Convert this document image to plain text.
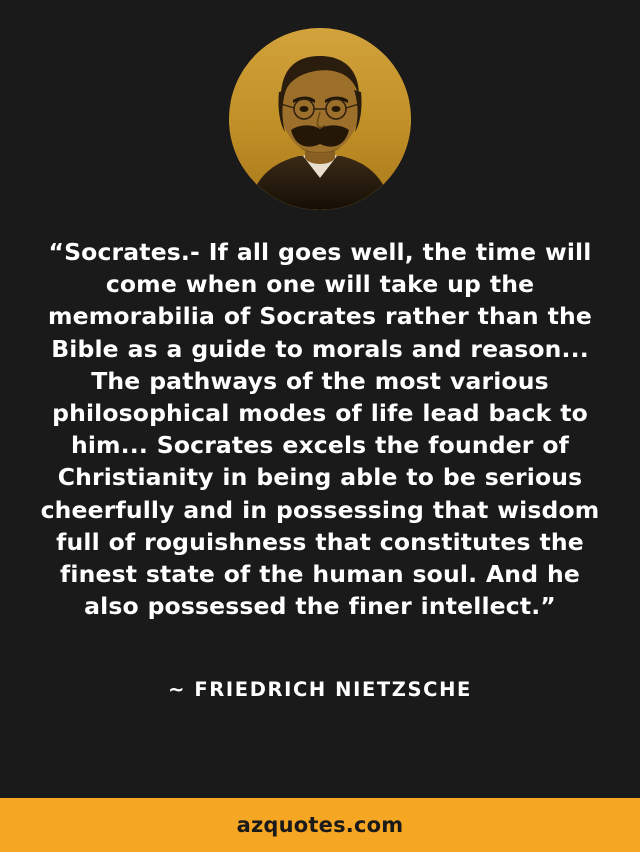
“Socrates.- If all goes well, the time will come when one will take up the memorabilia of Socrates rather than the Bible as a guide to morals and reason... The pathways of the most various philosophical modes of life lead back to him... Socrates excels the founder of Christianity in being able to be serious cheerfully and in possessing that wisdom full of roguishness that constitutes the finest state of the human soul. And he also possessed the finer intellect.”
~ FRIEDRICH NIETZSCHE
azquotes.com
